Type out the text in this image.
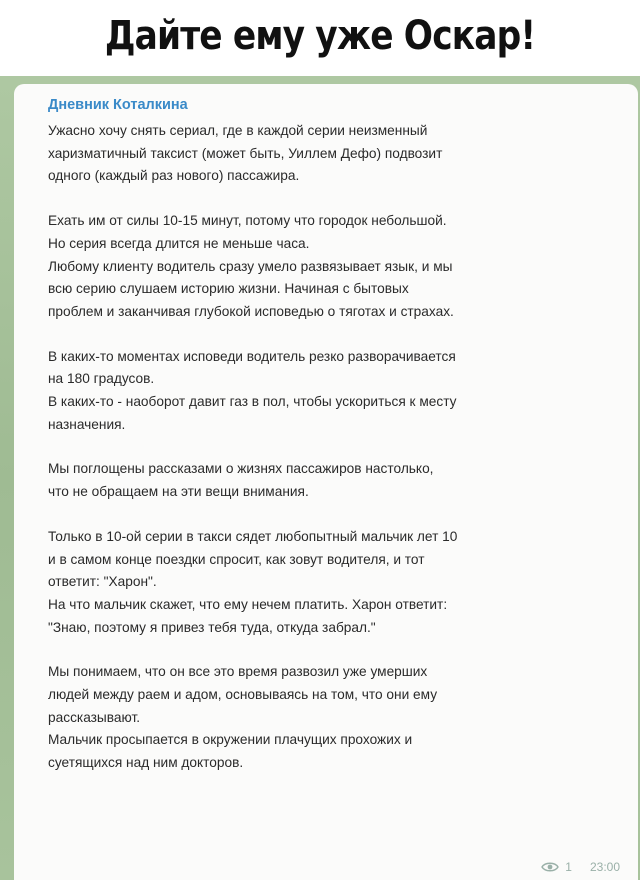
Дайте ему уже Оскар!
Дневник Коталкина
Ужасно хочу снять сериал, где в каждой серии неизменный
харизматичный таксист (может быть, Уиллем Дефо) подвозит
одного (каждый раз нового) пассажира.
Ехать им от силы 10-15 минут, потому что городок небольшой.
Но серия всегда длится не меньше часа.
Любому клиенту водитель сразу умело развязывает язык, и мы
всю серию слушаем историю жизни. Начиная с бытовых
проблем и заканчивая глубокой исповедью о тяготах и страхах.
В каких-то моментах исповеди водитель резко разворачивается
на 180 градусов.
В каких-то - наоборот давит газ в пол, чтобы ускориться к месту
назначения.
Мы поглощены рассказами о жизнях пассажиров настолько,
что не обращаем на эти вещи внимания.
Только в 10-ой серии в такси сядет любопытный мальчик лет 10
и в самом конце поездки спросит, как зовут водителя, и тот
ответит: "Харон".
На что мальчик скажет, что ему нечем платить. Харон ответит:
"Знаю, поэтому я привез тебя туда, откуда забрал."
Мы понимаем, что он все это время развозил уже умерших
людей между раем и адом, основываясь на том, что они ему
рассказывают.
Мальчик просыпается в окружении плачущих прохожих и
суетящихся над ним докторов.
1 23:00
